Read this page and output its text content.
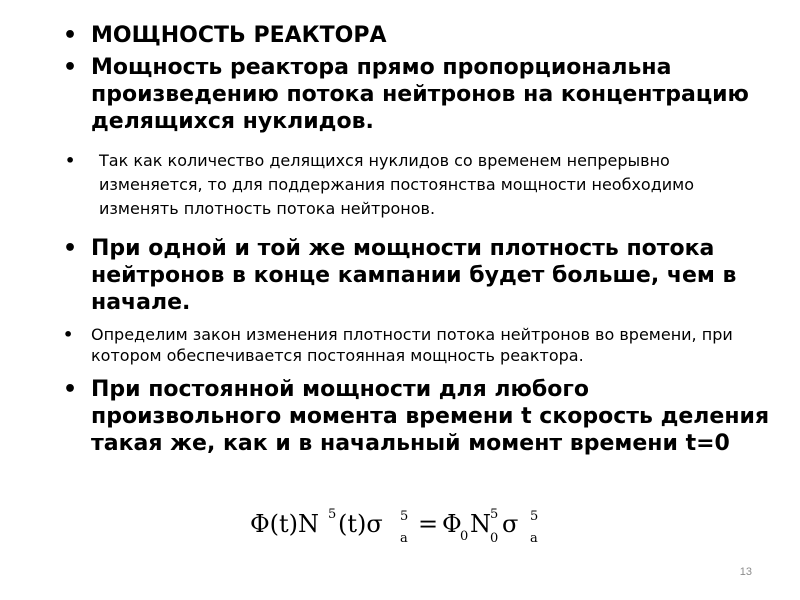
• МОЩНОСТЬ РЕАКТОРА
• Мощность реактора прямо пропорциональна произведению потока нейтронов на концентрацию делящихся нуклидов.
• Так как количество делящихся нуклидов со временем непрерывно изменяется, то для поддержания постоянства мощности необходимо изменять плотность потока нейтронов.
• При одной и той же мощности плотность потока нейтронов в конце кампании будет больше, чем в начале.
• Определим закон изменения плотности потока нейтронов во времени, при котором обеспечивается постоянная мощность реактора.
• При постоянной мощности для любого произвольного момента времени t скорость деления такая же, как и в начальный момент времени t=0
Φ(t)N 5 (t)σ 5
a
= Φ
0 N 5
0
σ 5
a
13
